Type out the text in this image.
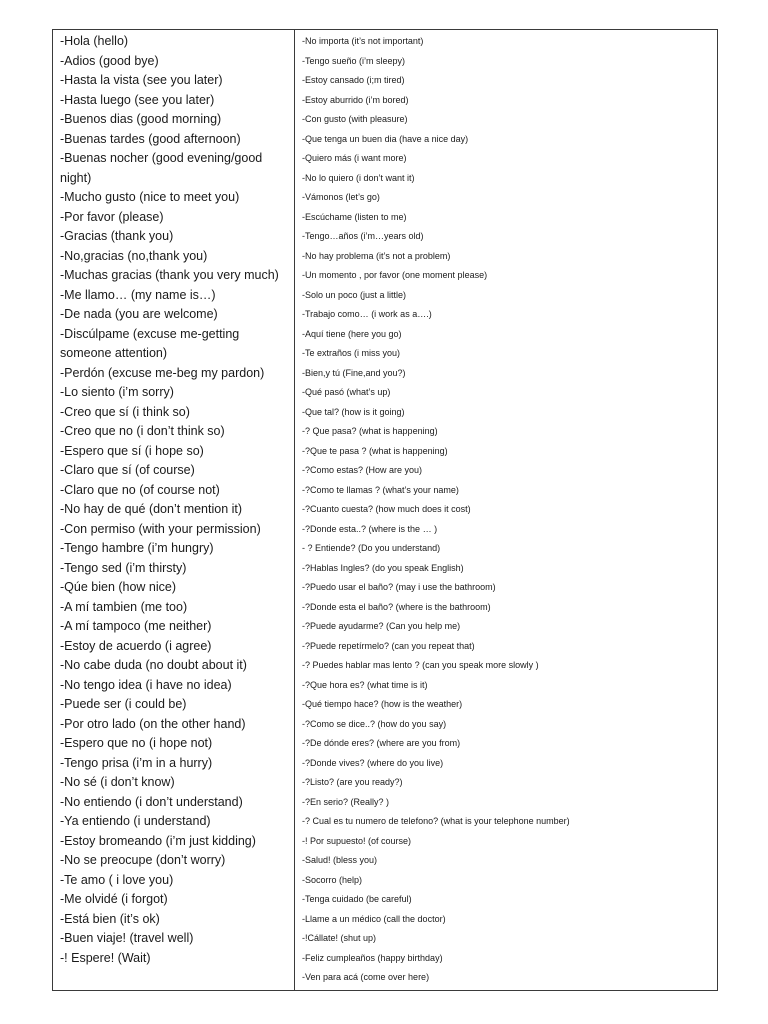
-Hola (hello)
-Adios (good bye)
-Hasta la vista (see you later)
-Hasta luego (see you later)
-Buenos dias (good morning)
-Buenas tardes (good afternoon)
-Buenas nocher (good evening/good night)
-Mucho gusto (nice to meet you)
-Por favor (please)
-Gracias (thank you)
-No,gracias (no,thank you)
-Muchas gracias (thank you very much)
-Me llamo… (my name is…)
-De nada (you are welcome)
-Discúlpame (excuse me-getting someone attention)
-Perdón (excuse me-beg my pardon)
-Lo siento (i’m sorry)
-Creo que sí (i think so)
-Creo que no (i don’t think so)
-Espero que sí (i hope so)
-Claro que sí (of course)
-Claro que no (of course not)
-No hay de qué (don’t mention it)
-Con permiso (with your permission)
-Tengo hambre (i’m hungry)
-Tengo sed (i’m thirsty)
-Qúe bien (how nice)
-A mí tambien (me too)
-A mí tampoco (me neither)
-Estoy de acuerdo (i agree)
-No cabe duda (no doubt about it)
-No tengo idea (i have no idea)
-Puede ser (i could be)
-Por otro lado (on the other hand)
-Espero que no (i hope not)
-Tengo prisa (i’m in a hurry)
-No sé (i don’t know)
-No entiendo (i don’t understand)
-Ya entiendo (i understand)
-Estoy bromeando (i’m just kidding)
-No se preocupe (don’t worry)
-Te amo ( i love you)
-Me olvidé (i forgot)
-Está bien (it’s ok)
-Buen viaje! (travel well)
-! Espere! (Wait)
-No importa (it’s not important)
-Tengo sueño (i’m sleepy)
-Estoy cansado (i;m tired)
-Estoy aburrido (i’m bored)
-Con gusto (with pleasure)
-Que tenga un buen dia (have a nice day)
-Quiero más (i want more)
-No lo quiero (i don’t want it)
-Vámonos (let’s go)
-Escúchame (listen to me)
-Tengo…años (i’m…years old)
-No hay problema (it’s not a problem)
-Un momento , por favor (one moment please)
-Solo un poco (just a little)
-Trabajo como… (i work as a….)
-Aquí tiene (here you go)
-Te extraños (i miss you)
-Bien,y tú (Fine,and you?)
-Qué pasó (what’s up)
-Que tal? (how is it going)
-? Que pasa? (what is happening)
-?Que te pasa ? (what is happening)
-?Como estas? (How are you)
-?Como te llamas ? (what’s your name)
-?Cuanto cuesta? (how much does it cost)
-?Donde esta..? (where is the … )
- ? Entiende? (Do you understand)
-?Hablas Ingles? (do you speak English)
-?Puedo usar el baño? (may i use the bathroom)
-?Donde esta el baño? (where is the bathroom)
-?Puede ayudarme? (Can you help me)
-?Puede repetírmelo? (can you repeat that)
-? Puedes hablar mas lento ? (can you speak more slowly )
-?Que hora es? (what time is it)
-Qué tiempo hace? (how is the weather)
-?Como se dice..? (how do you say)
-?De dónde eres? (where are you from)
-?Donde vives? (where do you live)
-?Listo? (are you ready?)
-?En serio? (Really? )
-? Cual es tu numero de telefono? (what is your telephone number)
-! Por supuesto! (of course)
-Salud! (bless you)
-Socorro (help)
-Tenga cuidado (be careful)
-Llame a un médico (call the doctor)
-!Cállate! (shut up)
-Feliz cumpleaños (happy birthday)
-Ven para acá (come over here)
